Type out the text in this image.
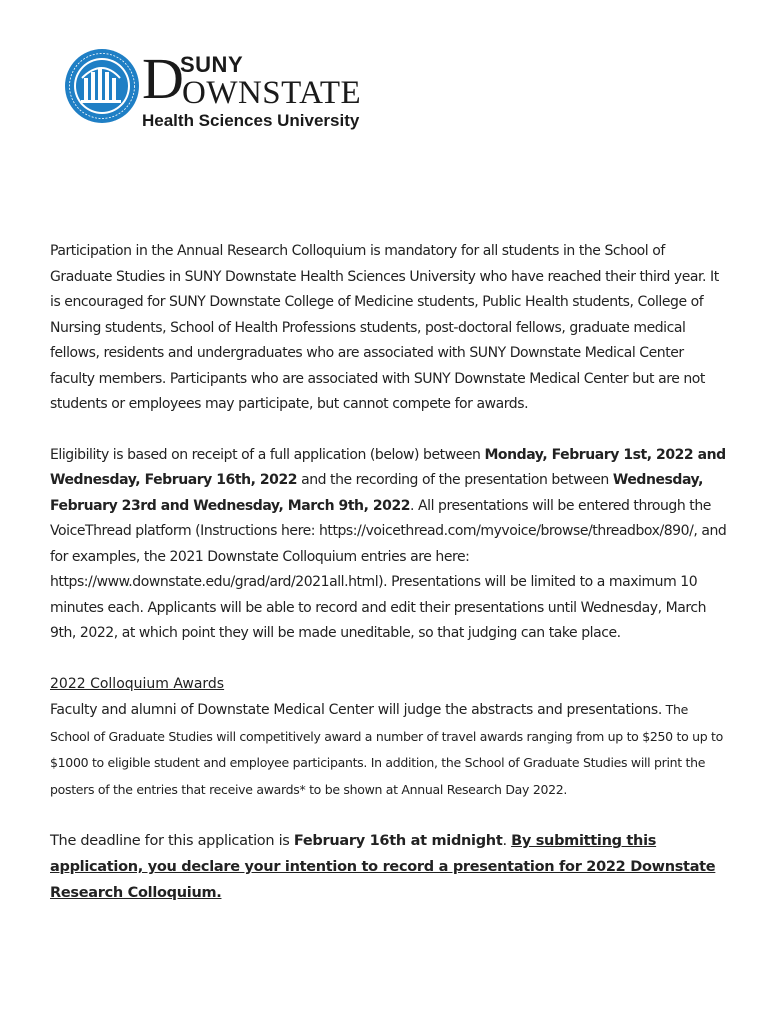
D
SUNY
OWNSTATE
Health Sciences University

Participation in the Annual Research Colloquium is mandatory for all students in the School of Graduate Studies in SUNY Downstate Health Sciences University who have reached their third year. It is encouraged for SUNY Downstate College of Medicine students, Public Health students, College of Nursing students, School of Health Professions students, post-doctoral fellows, graduate medical fellows, residents and undergraduates who are associated with SUNY Downstate Medical Center faculty members. Participants who are associated with SUNY Downstate Medical Center but are not students or employees may participate, but cannot compete for awards.

Eligibility is based on receipt of a full application (below) between Monday, February 1st, 2022 and Wednesday, February 16th, 2022 and the recording of the presentation between Wednesday, February 23rd and Wednesday, March 9th, 2022. All presentations will be entered through the VoiceThread platform (Instructions here: https://voicethread.com/myvoice/browse/threadbox/890/, and for examples, the 2021 Downstate Colloquium entries are here: https://www.downstate.edu/grad/ard/2021all.html). Presentations will be limited to a maximum 10 minutes each. Applicants will be able to record and edit their presentations until Wednesday, March 9th, 2022, at which point they will be made uneditable, so that judging can take place.

2022 Colloquium Awards
Faculty and alumni of Downstate Medical Center will judge the abstracts and presentations. The School of Graduate Studies will competitively award a number of travel awards ranging from up to $250 to up to $1000 to eligible student and employee participants. In addition, the School of Graduate Studies will print the posters of the entries that receive awards* to be shown at Annual Research Day 2022.

The deadline for this application is February 16th at midnight. By submitting this application, you declare your intention to record a presentation for 2022 Downstate Research Colloquium.
